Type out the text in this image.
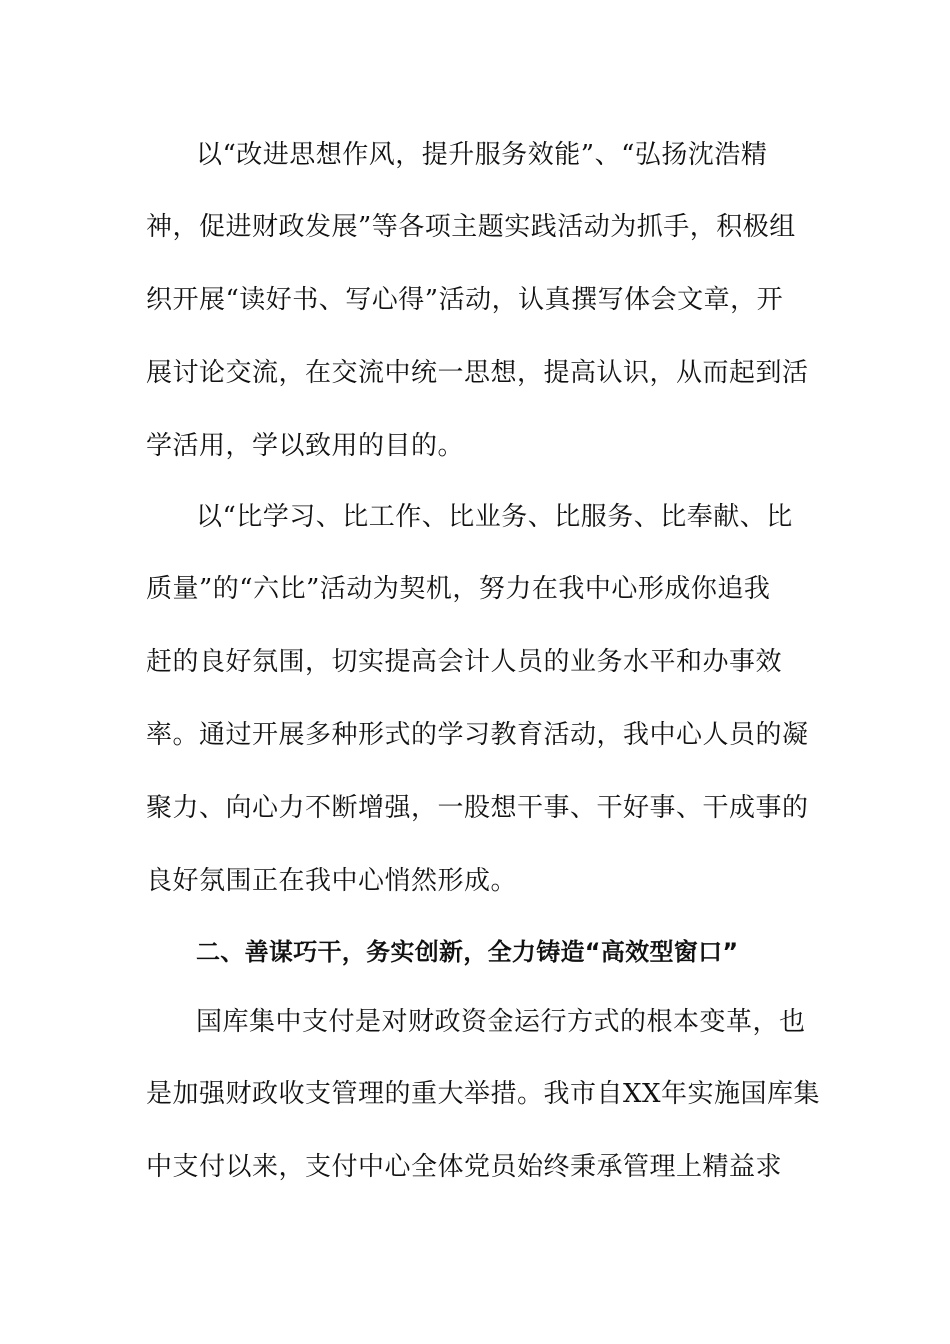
以“改进思想作风，提升服务效能”、“弘扬沈浩精
神，促进财政发展”等各项主题实践活动为抓手，积极组
织开展“读好书、写心得”活动，认真撰写体会文章，开
展讨论交流，在交流中统一思想，提高认识，从而起到活
学活用，学以致用的目的。
以“比学习、比工作、比业务、比服务、比奉献、比
质量”的“六比”活动为契机，努力在我中心形成你追我
赶的良好氛围，切实提高会计人员的业务水平和办事效
率。通过开展多种形式的学习教育活动，我中心人员的凝
聚力、向心力不断增强，一股想干事、干好事、干成事的
良好氛围正在我中心悄然形成。
二、善谋巧干，务实创新，全力铸造“高效型窗口”
国库集中支付是对财政资金运行方式的根本变革，也
是加强财政收支管理的重大举措。我市自XX年实施国库集
中支付以来，支付中心全体党员始终秉承管理上精益求
